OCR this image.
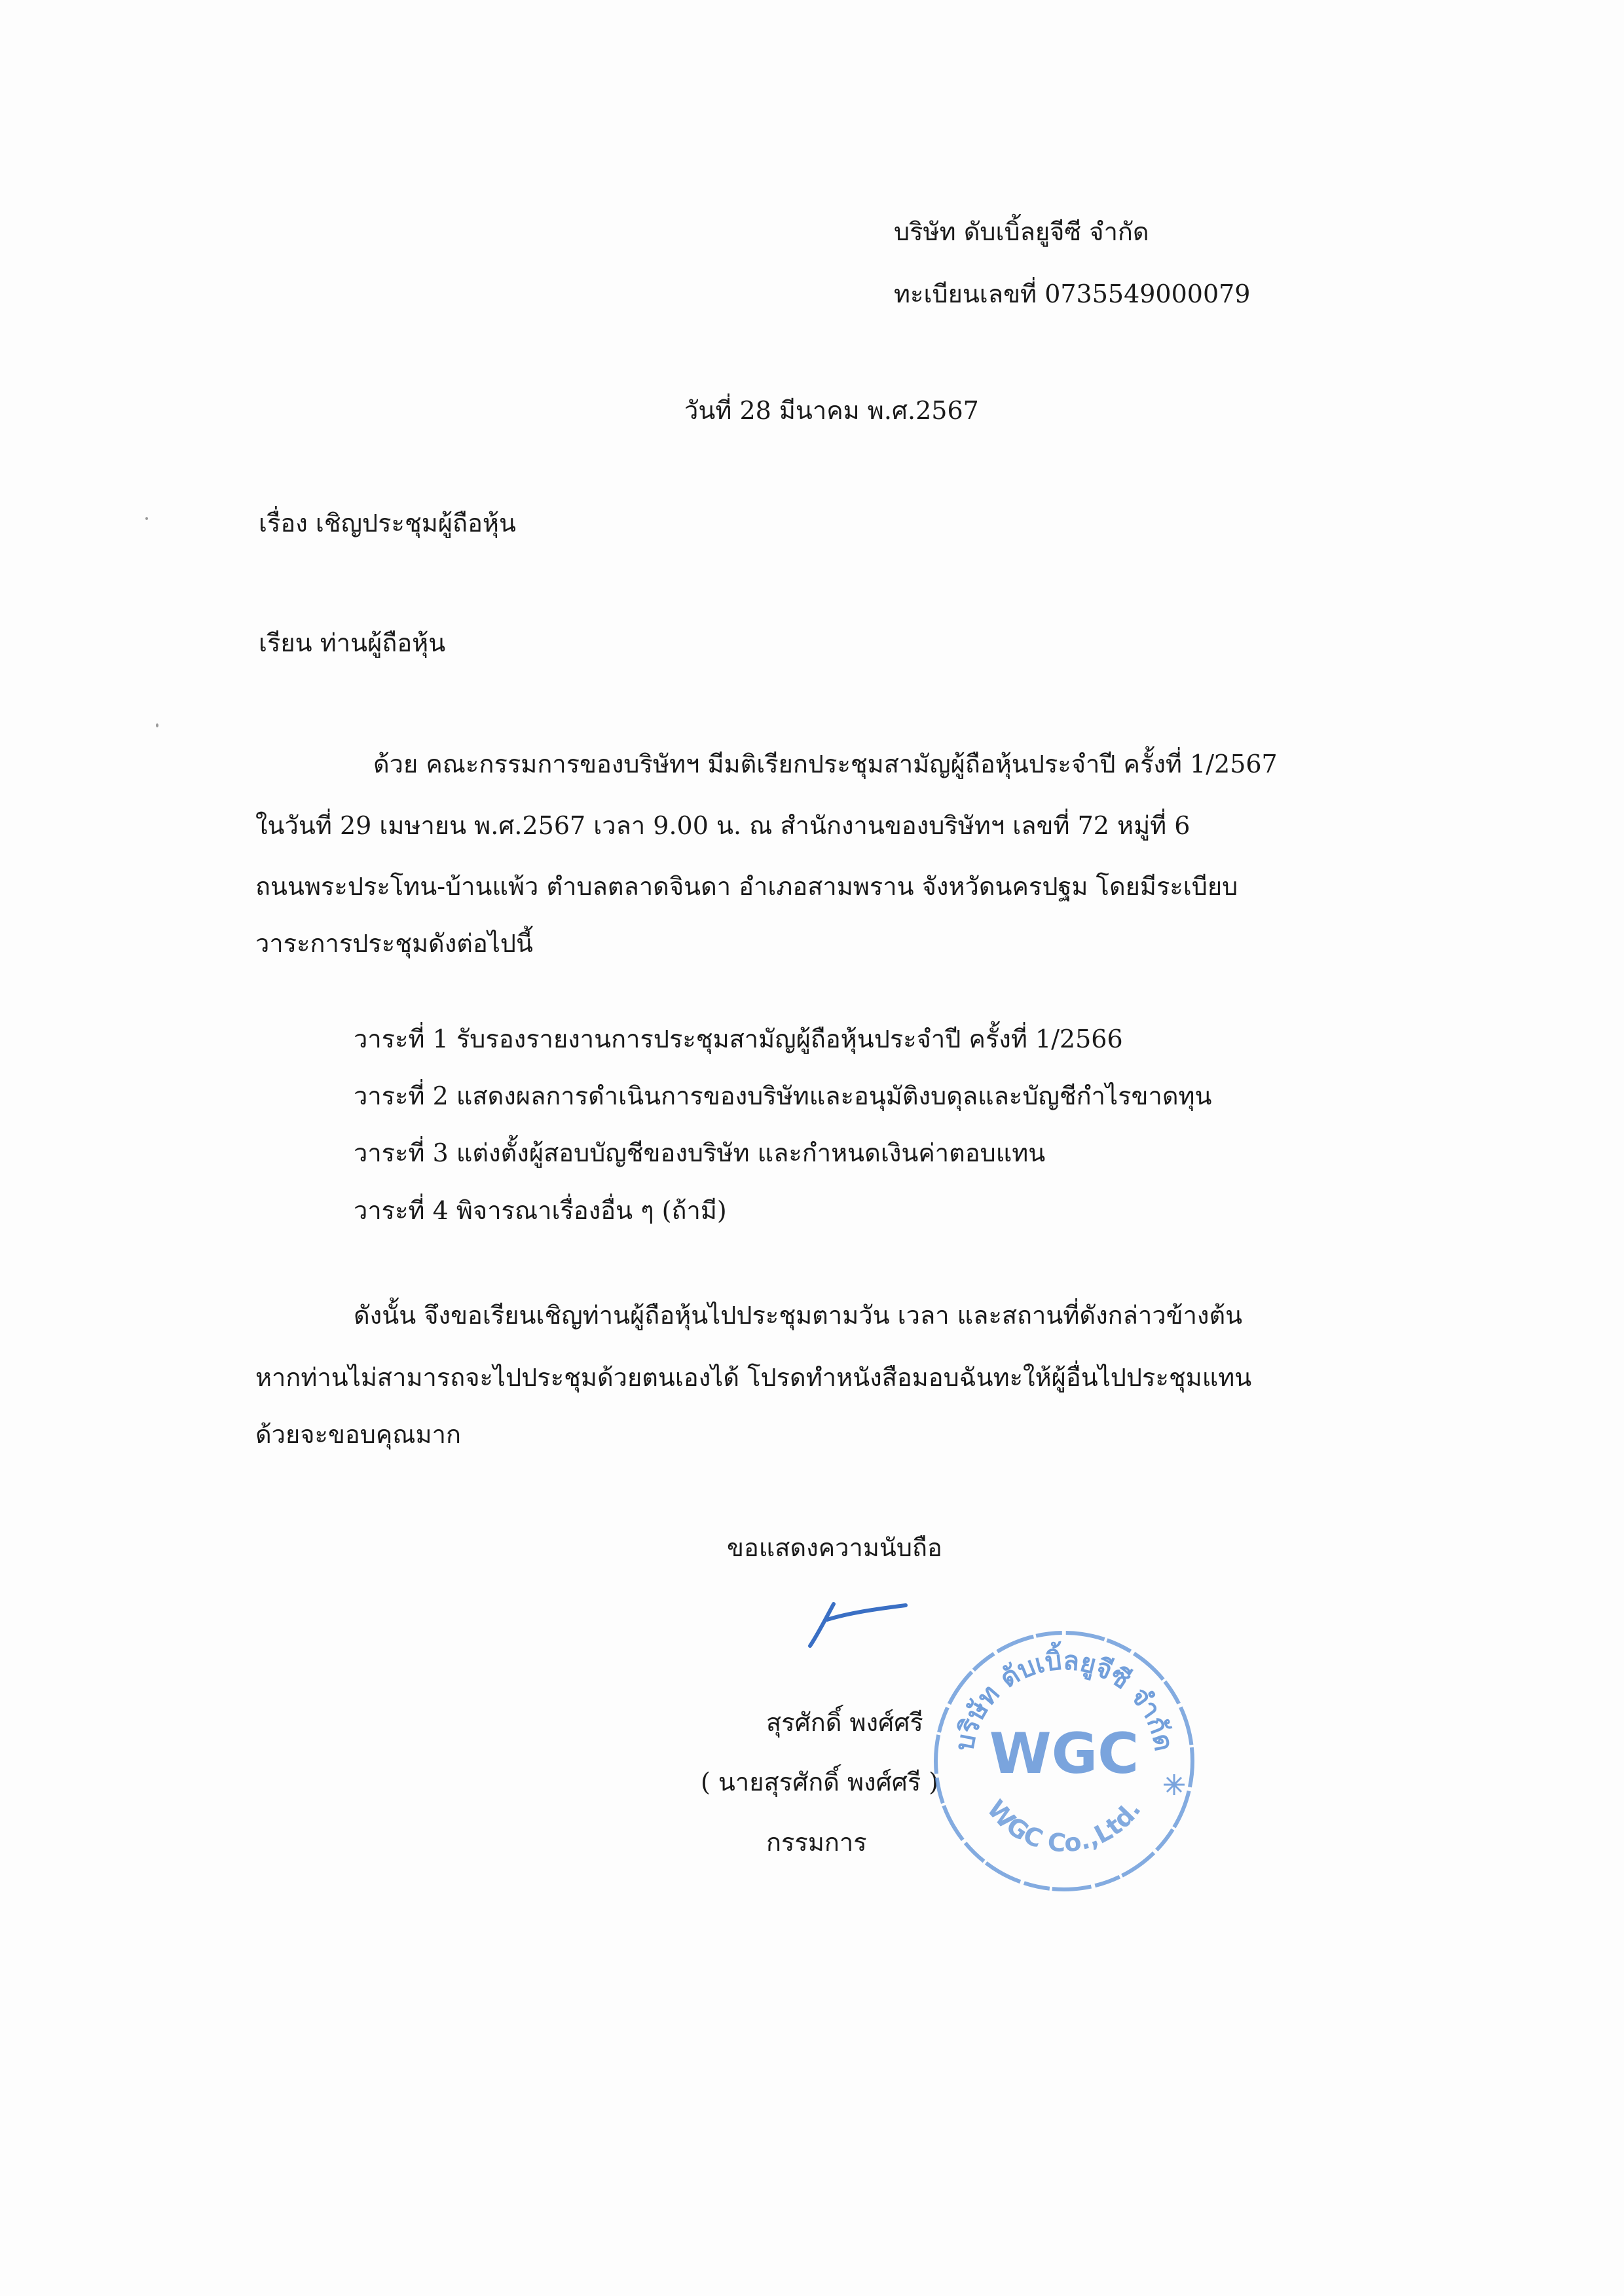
บริษัท ดับเบิ้ลยูจีซี จำกัด
ทะเบียนเลขที่ 0735549000079
วันที่ 28 มีนาคม พ.ศ.2567
เรื่อง เชิญประชุมผู้ถือหุ้น
เรียน ท่านผู้ถือหุ้น
ด้วย คณะกรรมการของบริษัทฯ มีมติเรียกประชุมสามัญผู้ถือหุ้นประจำปี ครั้งที่ 1/2567
ในวันที่ 29 เมษายน พ.ศ.2567 เวลา 9.00 น. ณ สำนักงานของบริษัทฯ เลขที่ 72 หมู่ที่ 6
ถนนพระประโทน-บ้านแพ้ว ตำบลตลาดจินดา อำเภอสามพราน จังหวัดนครปฐม โดยมีระเบียบ
วาระการประชุมดังต่อไปนี้
วาระที่ 1 รับรองรายงานการประชุมสามัญผู้ถือหุ้นประจำปี ครั้งที่ 1/2566
วาระที่ 2 แสดงผลการดำเนินการของบริษัทและอนุมัติงบดุลและบัญชีกำไรขาดทุน
วาระที่ 3 แต่งตั้งผู้สอบบัญชีของบริษัท และกำหนดเงินค่าตอบแทน
วาระที่ 4 พิจารณาเรื่องอื่น ๆ (ถ้ามี)
ดังนั้น จึงขอเรียนเชิญท่านผู้ถือหุ้นไปประชุมตามวัน เวลา และสถานที่ดังกล่าวข้างต้น
หากท่านไม่สามารถจะไปประชุมด้วยตนเองได้ โปรดทำหนังสือมอบฉันทะให้ผู้อื่นไปประชุมแทน
ด้วยจะขอบคุณมาก
ขอแสดงความนับถือ
สุรศักดิ์ พงศ์ศรี
( นายสุรศักดิ์ พงศ์ศรี )
กรรมการ
บริษัท ดับเบิ้ลยูจีซี จำกัด
WGC
WGC Co.,Ltd.
